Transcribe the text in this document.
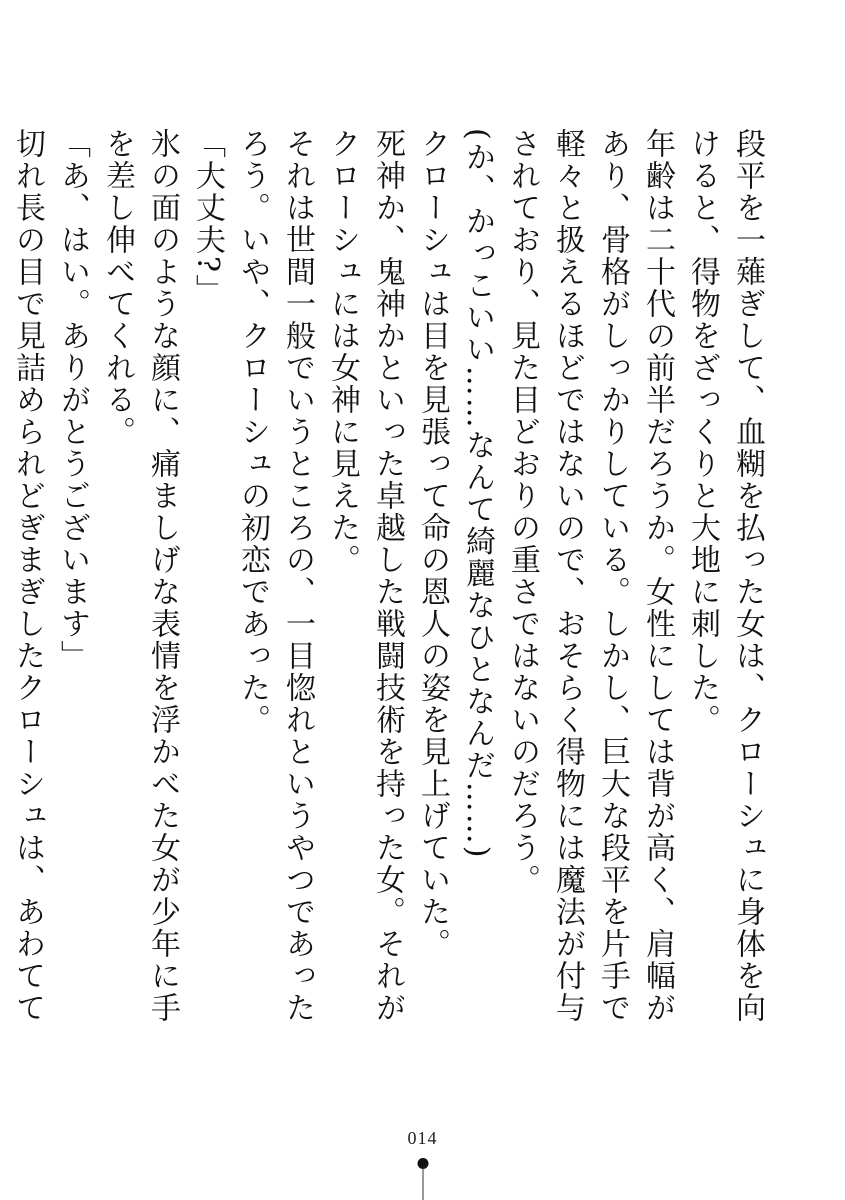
段平を一薙ぎして、血糊を払った女は、クローシュに身体を向けると、得物をざっくりと大地に刺した。

年齢は二十代の前半だろうか。女性にしては背が高く、肩幅があり、骨格がしっかりしている。しかし、巨大な段平を片手で軽々と扱えるほどではないので、おそらく得物には魔法が付与されており、見た目どおりの重さではないのだろう。

(か、かっこいい……なんて綺麗なひとなんだ……)

クローシュは目を見張って命の恩人の姿を見上げていた。

死神か、鬼神かといった卓越した戦闘技術を持った女。それがクローシュには女神に見えた。

それは世間一般でいうところの、一目惚れというやつであったろう。いや、クローシュの初恋であった。

「大丈夫?」

氷の面のような顔に、痛ましげな表情を浮かべた女が少年に手を差し伸べてくれる。

「あ、はい。ありがとうございます」

切れ長の目で見詰められどぎまぎしたクローシュは、あわてて

014
